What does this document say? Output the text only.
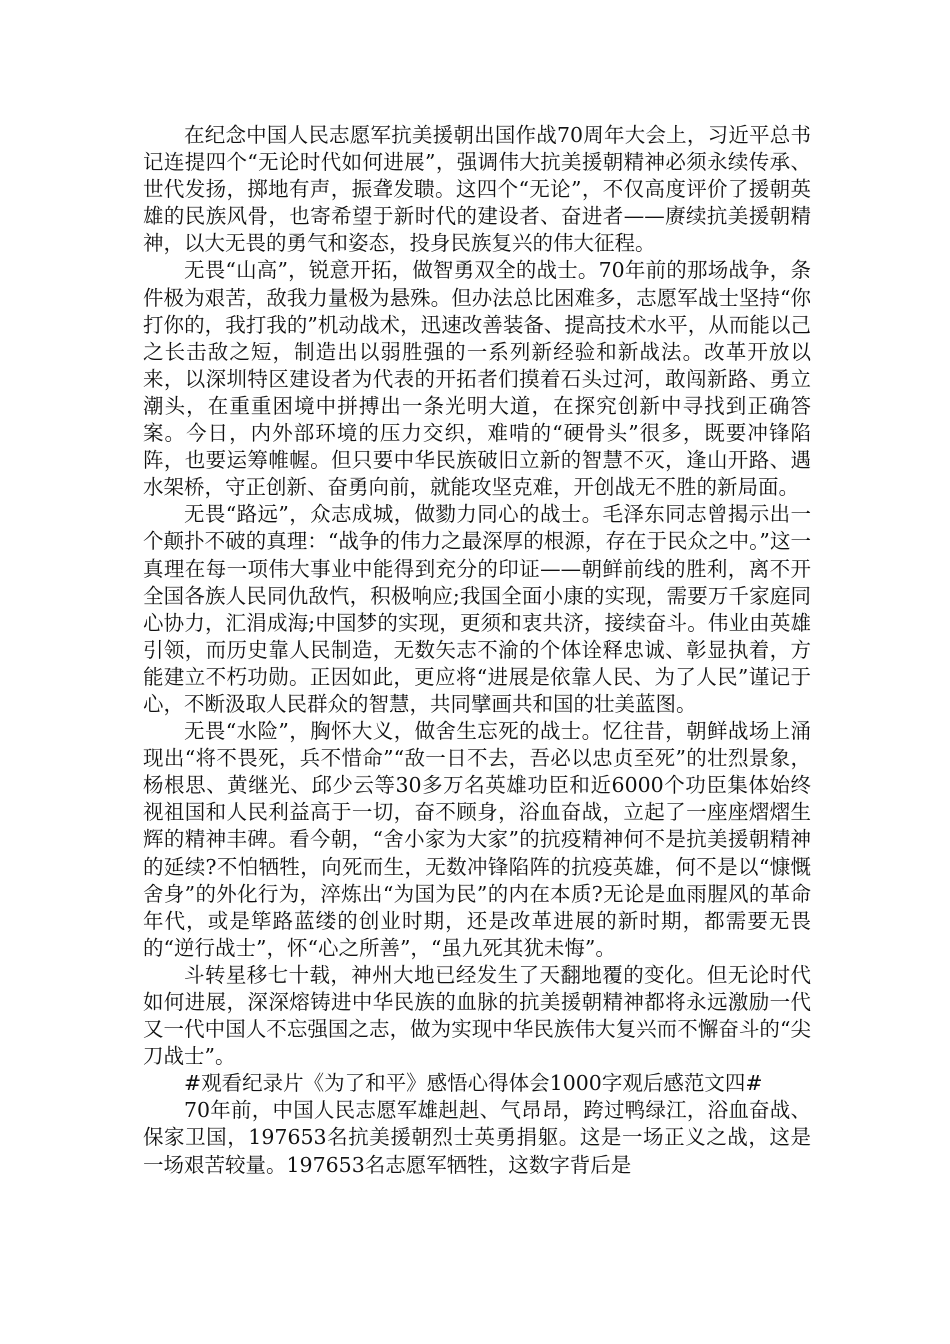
在纪念中国人民志愿军抗美援朝出国作战70周年大会上，习近平总书记连提四个“无论时代如何进展”，强调伟大抗美援朝精神必须永续传承、世代发扬，掷地有声，振聋发聩。这四个“无论”，不仅高度评价了援朝英雄的民族风骨，也寄希望于新时代的建设者、奋进者——赓续抗美援朝精神，以大无畏的勇气和姿态，投身民族复兴的伟大征程。

无畏“山高”，锐意开拓，做智勇双全的战士。70年前的那场战争，条件极为艰苦，敌我力量极为悬殊。但办法总比困难多，志愿军战士坚持“你打你的，我打我的”机动战术，迅速改善装备、提高技术水平，从而能以己之长击敌之短，制造出以弱胜强的一系列新经验和新战法。改革开放以来，以深圳特区建设者为代表的开拓者们摸着石头过河，敢闯新路、勇立潮头，在重重困境中拼搏出一条光明大道，在探究创新中寻找到正确答案。今日，内外部环境的压力交织，难啃的“硬骨头”很多，既要冲锋陷阵，也要运筹帷幄。但只要中华民族破旧立新的智慧不灭，逢山开路、遇水架桥，守正创新、奋勇向前，就能攻坚克难，开创战无不胜的新局面。

无畏“路远”，众志成城，做勠力同心的战士。毛泽东同志曾揭示出一个颠扑不破的真理：“战争的伟力之最深厚的根源，存在于民众之中。”这一真理在每一项伟大事业中能得到充分的印证——朝鲜前线的胜利，离不开全国各族人民同仇敌忾，积极响应;我国全面小康的实现，需要万千家庭同心协力，汇涓成海;中国梦的实现，更须和衷共济，接续奋斗。伟业由英雄引领，而历史靠人民制造，无数矢志不渝的个体诠释忠诚、彰显执着，方能建立不朽功勋。正因如此，更应将“进展是依靠人民、为了人民”谨记于心，不断汲取人民群众的智慧，共同擘画共和国的壮美蓝图。

无畏“水险”，胸怀大义，做舍生忘死的战士。忆往昔，朝鲜战场上涌现出“将不畏死，兵不惜命”“敌一日不去，吾必以忠贞至死”的壮烈景象，杨根思、黄继光、邱少云等30多万名英雄功臣和近6000个功臣集体始终视祖国和人民利益高于一切，奋不顾身，浴血奋战，立起了一座座熠熠生辉的精神丰碑。看今朝，“舍小家为大家”的抗疫精神何不是抗美援朝精神的延续?不怕牺牲，向死而生，无数冲锋陷阵的抗疫英雄，何不是以“慷慨舍身”的外化行为，淬炼出“为国为民”的内在本质?无论是血雨腥风的革命年代，或是筚路蓝缕的创业时期，还是改革进展的新时期，都需要无畏的“逆行战士”，怀“心之所善”，“虽九死其犹未悔”。

斗转星移七十载，神州大地已经发生了天翻地覆的变化。但无论时代如何进展，深深熔铸进中华民族的血脉的抗美援朝精神都将永远激励一代又一代中国人不忘强国之志，做为实现中华民族伟大复兴而不懈奋斗的“尖刀战士”。

#观看纪录片《为了和平》感悟心得体会1000字观后感范文四#

70年前，中国人民志愿军雄赳赳、气昂昂，跨过鸭绿江，浴血奋战、保家卫国，197653名抗美援朝烈士英勇捐躯。这是一场正义之战，这是一场艰苦较量。197653名志愿军牺牲，这数字背后是
